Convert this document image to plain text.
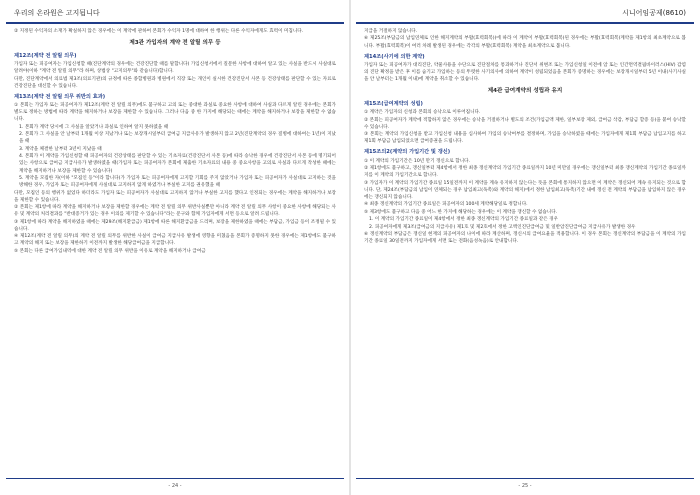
우리의 온라원은 고지됩니다

② 지정된 수익자의 소재가 확실하지 않은 경우에는 이 계약에 관하여 본회가 수익자 1명에 대하여 한 행위는 다른 수익자에게도 효력이 미칩니다.

제3관 가입자의 계약 전 알릴 의무 등
제12조(계약 전 알릴 의무)

가입자 또는 피공여자는 가입신청할 때(진단계약의 경우에는 건강진단할 때를 말합니다) 가입신청서에서 질문한 사항에 대하여 알고 있는 사실을 반드시 사실대로 알려야(이하 "계약 전 알릴 의무"라 하며, 상법상 "고지의무"와 같습니다)합니다.

다만, 진단계약에서 의료법 제3조(의료기관)의 규정에 따른 종합병원과 병원에서 직장 또는 개인이 실시한 건강진단서 사본 등 건강상태를 판단할 수 있는 자료로 건강진단을 대신할 수 있습니다.

제13조(계약 전 알릴 의무 위반의 효과)

① 본회는 가입자 또는 피공여자가 제12조(계약 전 알릴 의무)에도 불구하고 고의 또는 중대한 과실로 중요한 사항에 대하여 사실과 다르게 알린 경우에는 본회가 별도로 정하는 방법에 따라 계약을 해지하거나 보장을 제한할 수 있습니다. 그러나 다음 중 한 가지에 해당되는 때에는 계약을 해지하거나 보장을 제한할 수 없습니다.

1. 본회가 계약 당시에 그 사실을 알았거나 과실로 인하여 알지 못하였을 때

2. 본회가 그 사실을 안 날부터 1개월 이상 지났거나 또는 보장개시일부터 급여금 지급사유가 발생하지 않고 2년(진단계약의 경우 질병에 대하여는 1년)이 지났을 때

3. 계약을 체결한 날부터 3년이 지났을 때

4. 본회가 이 계약을 가입신청할 때 피공여자의 건강상태를 판단할 수 있는 기초자료(건강진단서 사본 등)에 따라 승낙한 경우에 건강진단서 사본 등에 명기되어 있는 사항으로 급여금 지급사유가 발생하였을 때(가입자 또는 피공여자가 본회에 제출한 기초자료의 내용 중 중요사항을 고의로 사실과 다르게 작성한 때에는 계약을 해지하거나 보장을 제한할 수 있습니다)

5. 계약을 모집한 자(이하 "모집인 등"이라 합니다)가 가입자 또는 피공여자에게 고지할 기회를 주지 않았거나 가입자 또는 피공여자가 사실대로 고지하는 것을 방해한 경우, 가입자 또는 피공여자에게 사실대로 고지하지 않게 하였거나 부실한 고지를 권유했을 때

다만, 모집인 등의 행위가 없었다 하더라도 가입자 또는 피공여자가 사실대로 고지하지 않거나 부실한 고지를 했다고 인정되는 경우에는 계약을 해지하거나 보장을 제한할 수 있습니다.

② 본회는 제1항에 따라 계약을 해지하거나 보장을 제한할 경우에는 계약 전 알릴 의무 위반사실뿐만 아니라 계약 전 알릴 의무 사항이 중요한 사항에 해당되는 사유 및 계약의 처리결과를 "반대증거가 있는 경우 이의를 제기할 수 있습니다"라는 문구와 함께 가입자에게 서면 등으로 알려 드립니다.

③ 제1항에 따라 계약을 해지하였을 때에는 제29조(해지환급금) 제1항에 따른 해지환급금을 드리며, 보장을 제한하였을 때에는 부담금, 가입금 등이 조정될 수 있습니다.

④ 제12조(계약 전 알릴 의무)의 계약 전 알릴 의무를 위반한 사실이 급여금 지급사유 발생에 영향을 미쳤음을 본회가 증명하지 못한 경우에는 제1항에도 불구하고 계약의 해지 또는 보장을 제한하기 이전까지 발생한 해당급여금을 지급합니다.

⑤ 본회는 다른 급여가입내역에 대한 계약 전 알릴 의무 위반을 이유로 계약을 해지하거나 급여금

- 24 -
시니어임공제(8610)

지급을 거절하지 않습니다.

⑥ 제25조(부담금의 납입연체로 인한 해지계약의 부활(효력회복))에 따라 이 계약이 부활(효력회복)된 경우에는 부활(효력회복)계약을 제1항의 최초계약으로 봅니다. 부활(효력회복)이 여러 차례 발생된 경우에는 각각의 부활(효력회복) 계약을 최초계약으로 봅니다.

제14조(사기에 의한 계약)

가입자 또는 피공여자가 대리진단, 약물사용을 수단으로 진단절차를 통과하거나 진단서 위변조 또는 가입신청일 이전에 암 또는 인간면역결핍바이러스(HIV) 감염의 진단 확정을 받은 후 이를 숨기고 가입하는 등의 뚜렷한 사기의사에 의하여 계약이 성립되었음을 본회가 증명하는 경우에는 보장개시일부터 5년 이내(사기사실을 안 날부터는 1개월 이내)에 계약을 취소할 수 있습니다.

제4관 급여계약의 성립과 유지
제15조(급여계약의 성립)

① 계약은 가입자의 신청과 본회의 승낙으로 이루어집니다.

② 본회는 피공여자가 계약에 적합하지 않은 경우에는 승낙을 거절하거나 별도의 조건(가입금액 제한, 일부보장 제외, 급여금 삭감, 부담금 할증 등)을 붙여 승낙할 수 있습니다.

③ 본회는 계약의 가입신청을 받고 가입신청 내용을 심사하여 가입의 승낙여부를 결정하며, 가입을 승낙하였을 때에는 가입자에게 제1회 부담금 납입고지를 하고 제1회 부담금 납입되었으면 급여증권을 드립니다.

제15조의2(계약의 가입기간 및 갱신)

① 이 계약의 가입기간은 10년 만기 갱신으로 합니다.

② 제1항에도 불구하고, 갱신일부터 제4항에서 정한 최종 갱신계약의 가입기간 종료일까지 10년 미만일 경우에는 갱신일부터 최종 갱신계약의 가입기간 종료일까지를 이 계약의 가입기간으로 합니다.

③ 가입자가 이 계약의 가입기간 종료일 15일전까지 이 계약을 계속 유지하지 않는다는 뜻을 본회에 통지하지 않으면 이 계약은 갱신되어 계속 유지되는 것으로 합니다. 단, 제24조(부담금의 납입이 연체되는 경우 납입최고(독촉)와 계약의 해지)에서 정한 납입최고(독촉)기간 내에 갱신 전 계약의 부담금을 납입하지 않은 경우에는 갱신되지 않습니다.

④ 최종 갱신계약의 가입기간 종료일은 피공여자의 100세 계약해당일로 정합니다.

⑤ 제3항에도 불구하고 다음 중 어느 한 가지에 해당하는 경우에는 이 계약을 갱신할 수 없습니다.

1. 이 계약의 가입기간 종료일이 제4항에서 정한 최종 갱신계약의 가입기간 종료일과 같은 경우

2. 피공여자에게 제3조(급여금의 지급사유) 제1호 및 제2호에서 정한 고액인진단급여금 및 일반암진단급여금 지급사유가 발생한 경우

⑥ 갱신계약의 부담금은 갱신일 현재의 피공여자의 나이에 따라 계산하며, 갱신시의 급여요율을 적용합니다. 이 경우 본회는 갱신계약의 부담금을 이 계약의 가입기간 종료일 30일전까지 가입자에게 서면 또는 전화(음성녹음)로 안내합니다.

- 25 -
